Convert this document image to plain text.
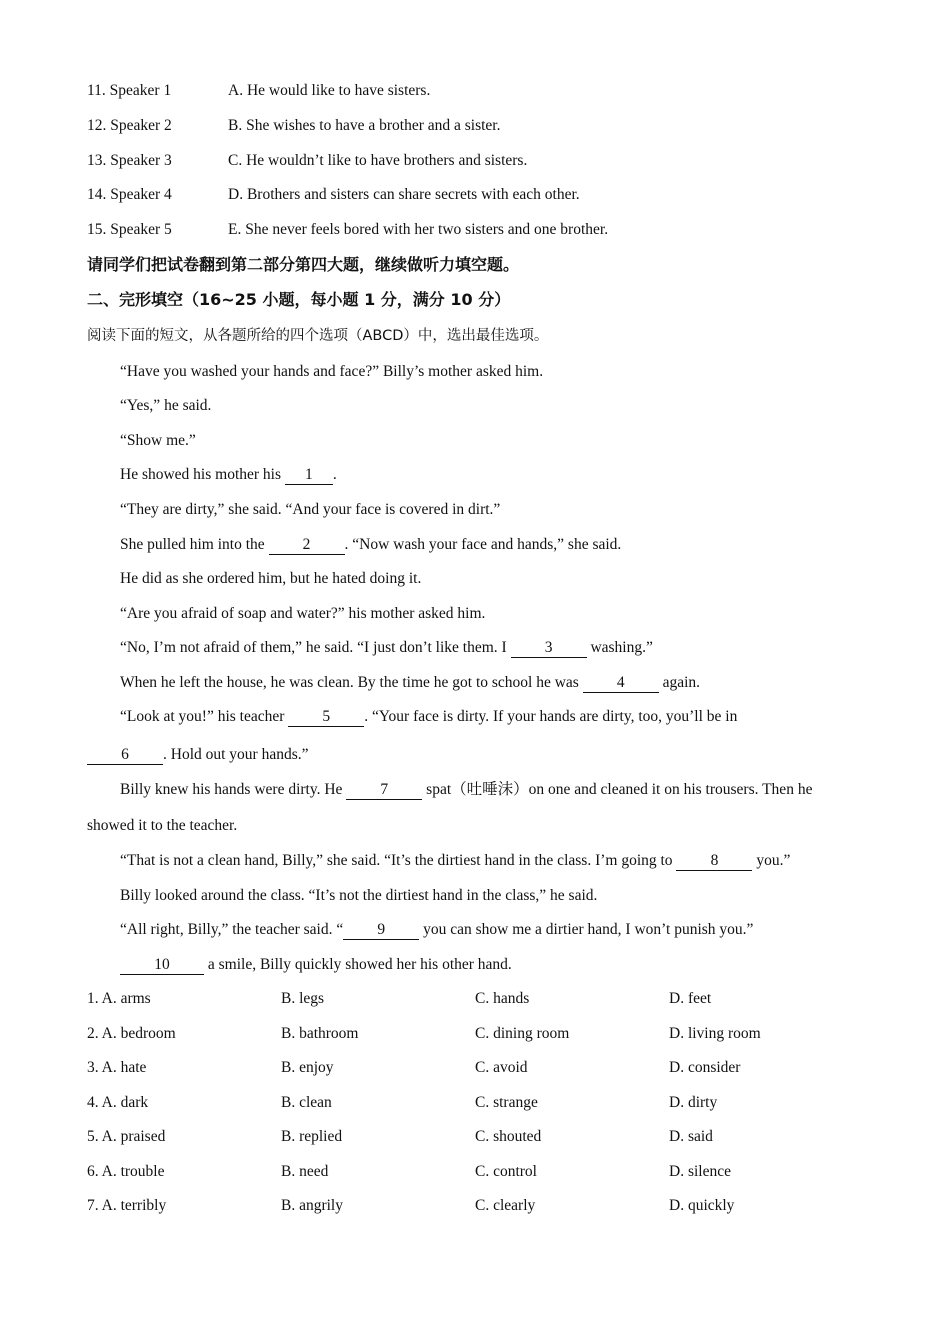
11. Speaker 1	A. He would like to have sisters.
12. Speaker 2	B. She wishes to have a brother and a sister.
13. Speaker 3	C. He wouldn’t like to have brothers and sisters.
14. Speaker 4	D. Brothers and sisters can share secrets with each other.
15. Speaker 5	E. She never feels bored with her two sisters and one brother.
请同学们把试卷翻到第二部分第四大题，继续做听力填空题。
二、完形填空（16~25 小题，每小题 1 分，满分 10 分）
阅读下面的短文，从各题所给的四个选项（ABCD）中，选出最佳选项。
“Have you washed your hands and face?” Billy’s mother asked him.
“Yes,” he said.
“Show me.”
He showed his mother his 1 .
“They are dirty,” she said. “And your face is covered in dirt.”
She pulled him into the 2 . “Now wash your face and hands,” she said.
He did as she ordered him, but he hated doing it.
“Are you afraid of soap and water?” his mother asked him.
“No, I’m not afraid of them,” he said. “I just don’t like them. I 3 washing.”
When he left the house, he was clean. By the time he got to school he was 4 again.
“Look at you!” his teacher 5 . “Your face is dirty. If your hands are dirty, too, you’ll be in
6 . Hold out your hands.”
Billy knew his hands were dirty. He 7 spat（吐唾沫）on one and cleaned it on his trousers. Then he
showed it to the teacher.
“That is not a clean hand, Billy,” she said. “It’s the dirtiest hand in the class. I’m going to 8 you.”
Billy looked around the class. “It’s not the dirtiest hand in the class,” he said.
“All right, Billy,” the teacher said. “ 9 you can show me a dirtier hand, I won’t punish you.”
10 a smile, Billy quickly showed her his other hand.
1. A. arms	B. legs	C. hands	D. feet
2. A. bedroom	B. bathroom	C. dining room	D. living room
3. A. hate	B. enjoy	C. avoid	D. consider
4. A. dark	B. clean	C. strange	D. dirty
5. A. praised	B. replied	C. shouted	D. said
6. A. trouble	B. need	C. control	D. silence
7. A. terribly	B. angrily	C. clearly	D. quickly
